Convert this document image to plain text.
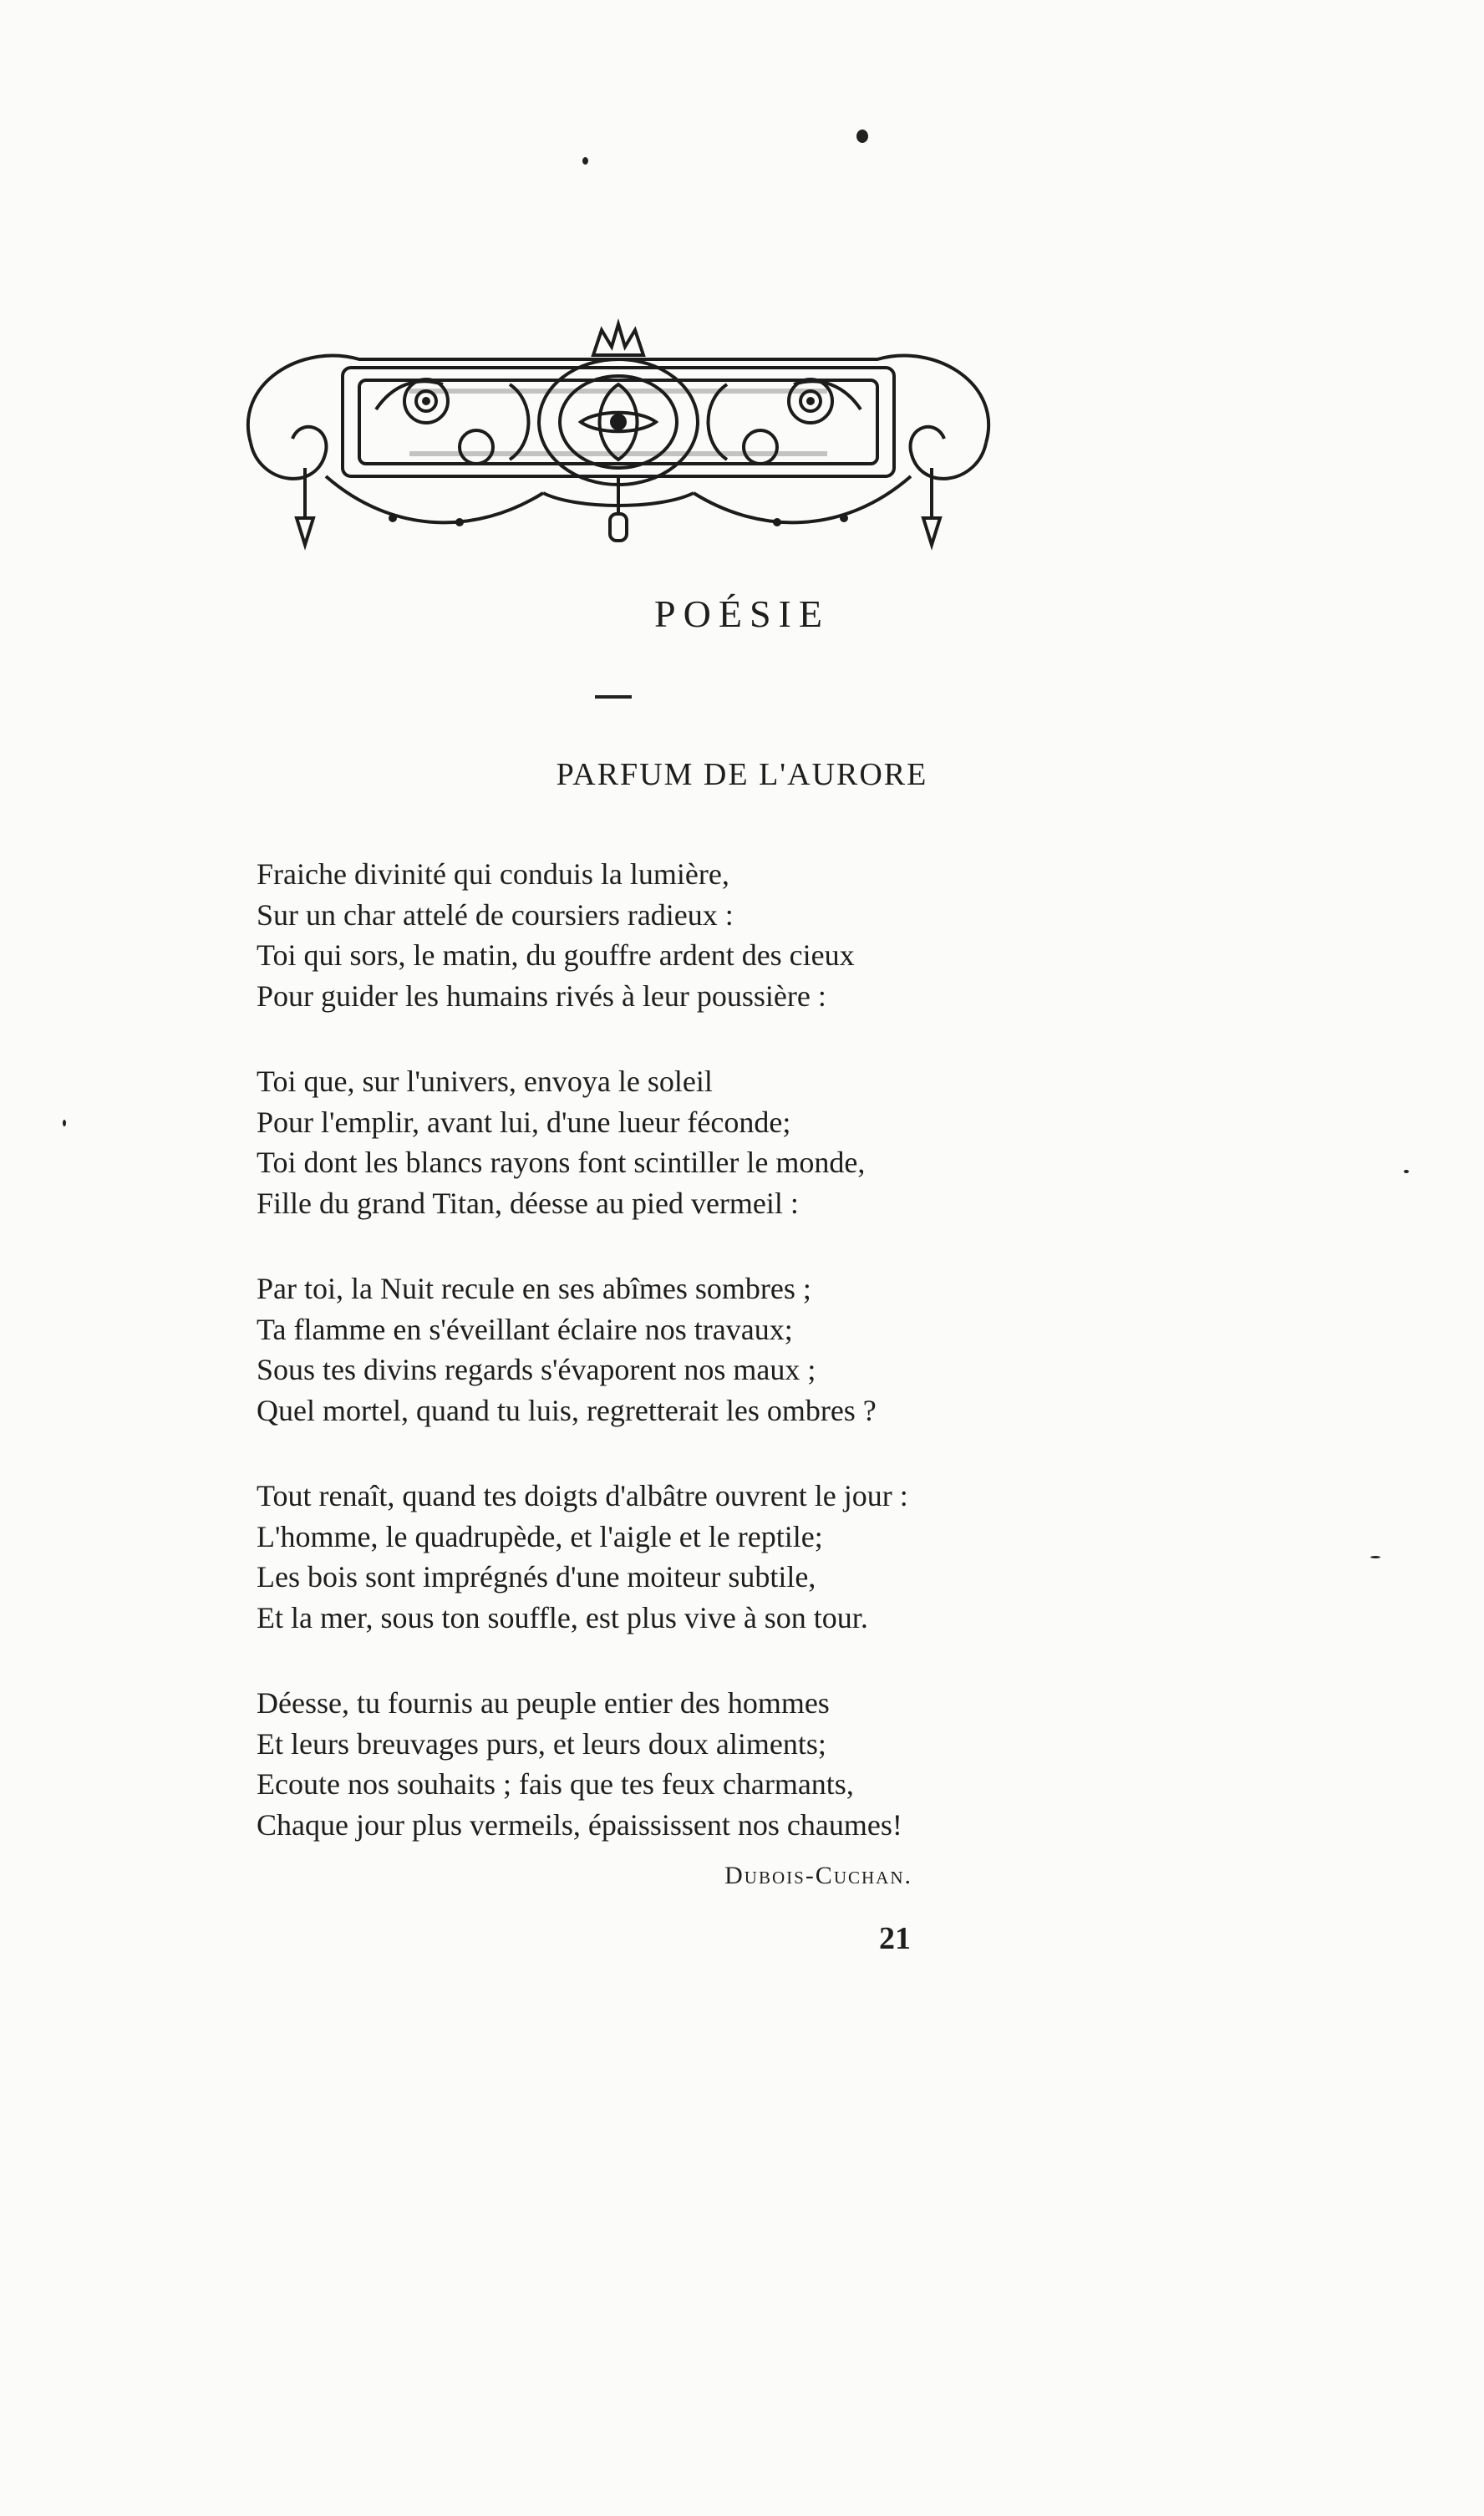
POÉSIE
PARFUM DE L'AURORE
Fraiche divinité qui conduis la lumière,
Sur un char attelé de coursiers radieux :
Toi qui sors, le matin, du gouffre ardent des cieux
Pour guider les humains rivés à leur poussière :
Toi que, sur l'univers, envoya le soleil
Pour l'emplir, avant lui, d'une lueur féconde;
Toi dont les blancs rayons font scintiller le monde,
Fille du grand Titan, déesse au pied vermeil :
Par toi, la Nuit recule en ses abîmes sombres ;
Ta flamme en s'éveillant éclaire nos travaux;
Sous tes divins regards s'évaporent nos maux ;
Quel mortel, quand tu luis, regretterait les ombres ?
Tout renaît, quand tes doigts d'albâtre ouvrent le jour :
L'homme, le quadrupède, et l'aigle et le reptile;
Les bois sont imprégnés d'une moiteur subtile,
Et la mer, sous ton souffle, est plus vive à son tour.
Déesse, tu fournis au peuple entier des hommes
Et leurs breuvages purs, et leurs doux aliments;
Ecoute nos souhaits ; fais que tes feux charmants,
Chaque jour plus vermeils, épaississent nos chaumes!
Dubois-Cuchan.
21
